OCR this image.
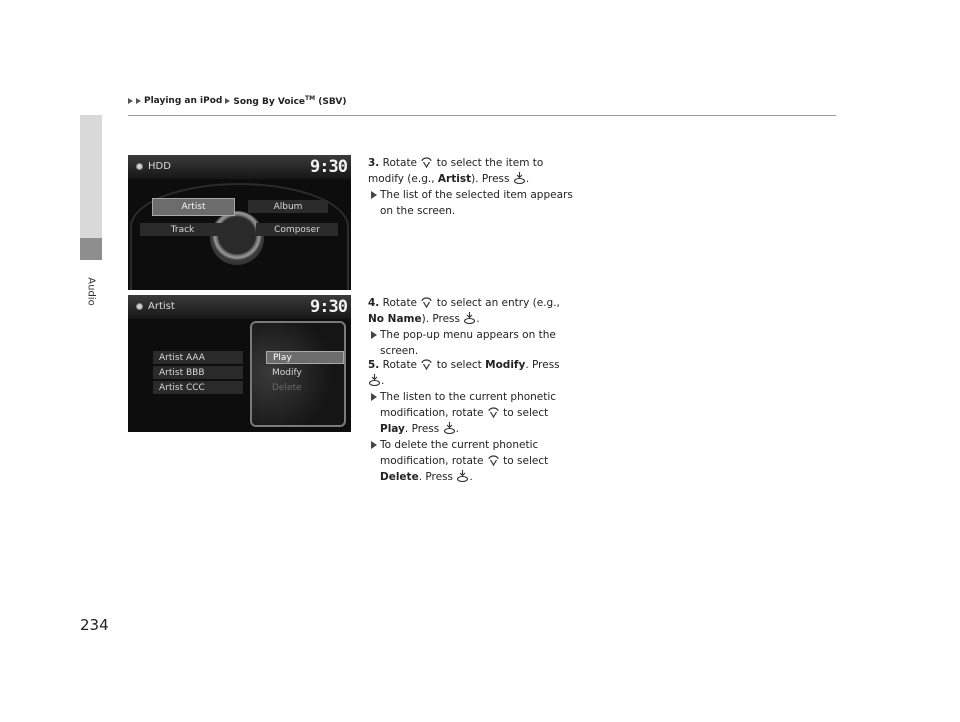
Playing an iPod Song By Voice™ (SBV)
Audio
HDD	9:30
Artist	Album
Track	Composer
Artist	9:30
Artist AAA
Artist BBB
Artist CCC
Play
Modify
Delete
3. Rotate to select the item to modify (e.g., Artist). Press .
The list of the selected item appears on the screen.
4. Rotate to select an entry (e.g., No Name). Press .
The pop-up menu appears on the screen.
5. Rotate to select Modify. Press .
The listen to the current phonetic modification, rotate to select Play. Press .
To delete the current phonetic modification, rotate to select Delete. Press .
234
